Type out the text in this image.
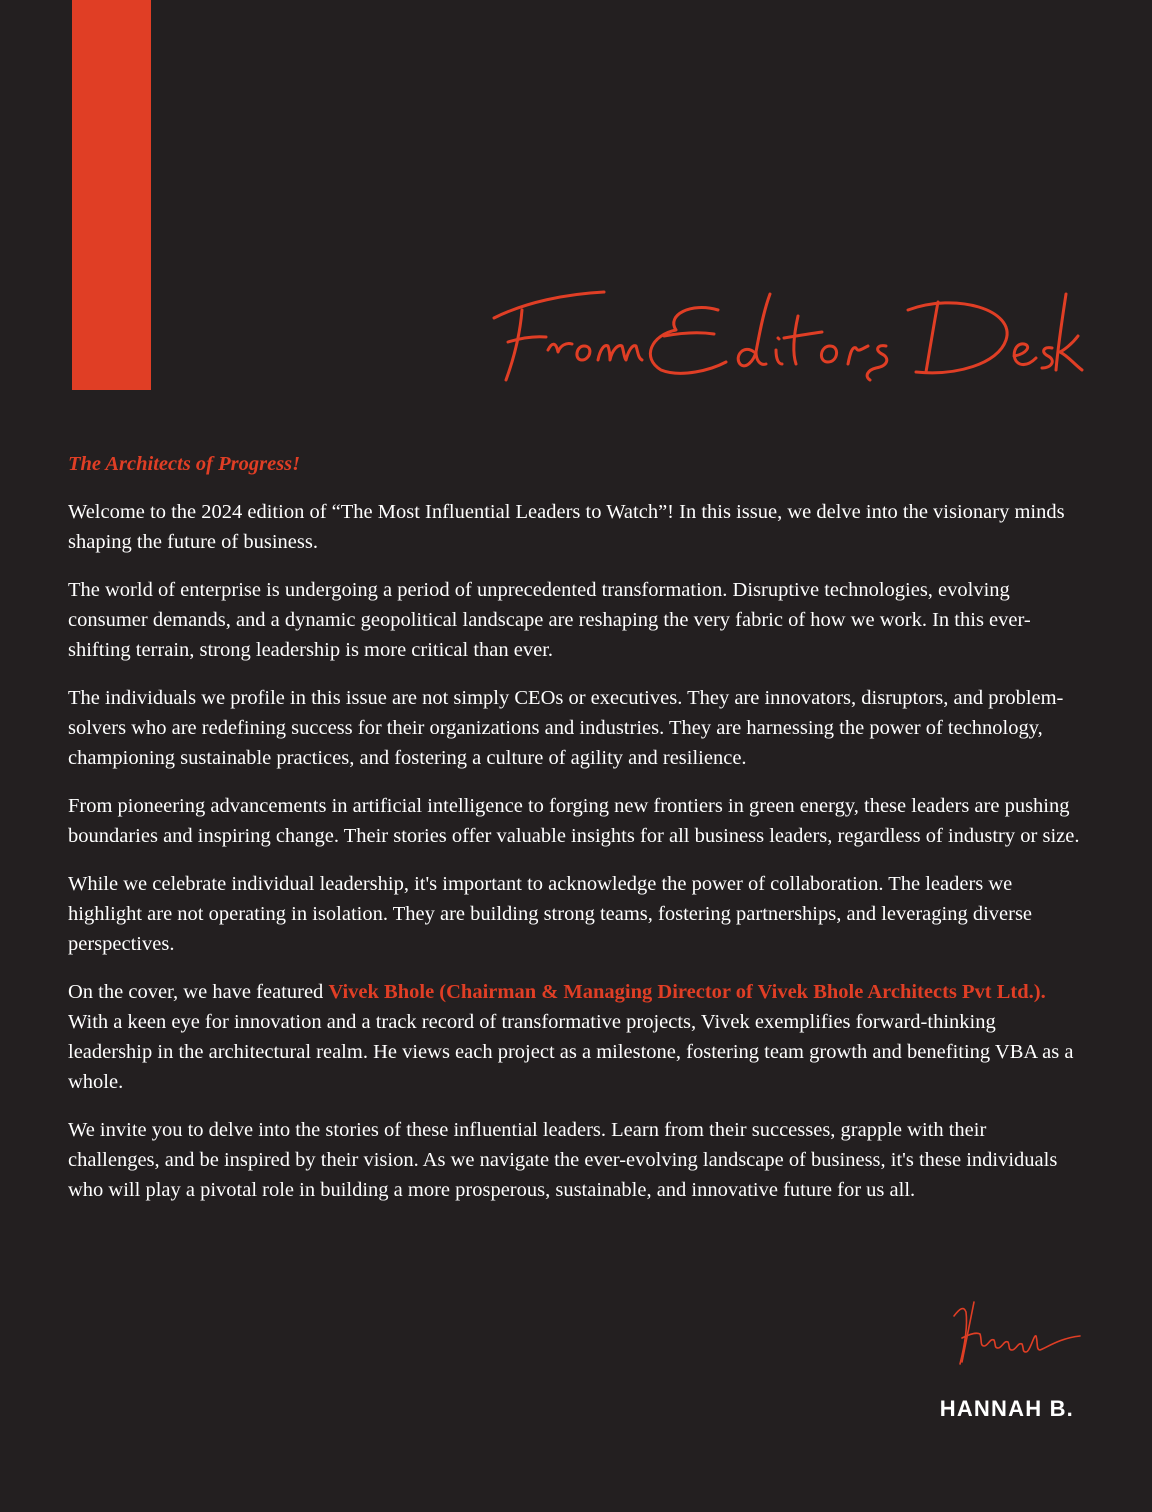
The Architects of Progress!

Welcome to the 2024 edition of “The Most Influential Leaders to Watch”! In this issue, we delve into the visionary minds shaping the future of business.

The world of enterprise is undergoing a period of unprecedented transformation. Disruptive technologies, evolving consumer demands, and a dynamic geopolitical landscape are reshaping the very fabric of how we work. In this ever-shifting terrain, strong leadership is more critical than ever.

The individuals we profile in this issue are not simply CEOs or executives. They are innovators, disruptors, and problem-solvers who are redefining success for their organizations and industries. They are harnessing the power of technology, championing sustainable practices, and fostering a culture of agility and resilience.

From pioneering advancements in artificial intelligence to forging new frontiers in green energy, these leaders are pushing boundaries and inspiring change. Their stories offer valuable insights for all business leaders, regardless of industry or size.

While we celebrate individual leadership, it's important to acknowledge the power of collaboration. The leaders we highlight are not operating in isolation. They are building strong teams, fostering partnerships, and leveraging diverse perspectives.

On the cover, we have featured Vivek Bhole (Chairman & Managing Director of Vivek Bhole Architects Pvt Ltd.). With a keen eye for innovation and a track record of transformative projects, Vivek exemplifies forward-thinking leadership in the architectural realm. He views each project as a milestone, fostering team growth and benefiting VBA as a whole.

We invite you to delve into the stories of these influential leaders. Learn from their successes, grapple with their challenges, and be inspired by their vision. As we navigate the ever-evolving landscape of business, it's these individuals who will play a pivotal role in building a more prosperous, sustainable, and innovative future for us all.

HANNAH B.
